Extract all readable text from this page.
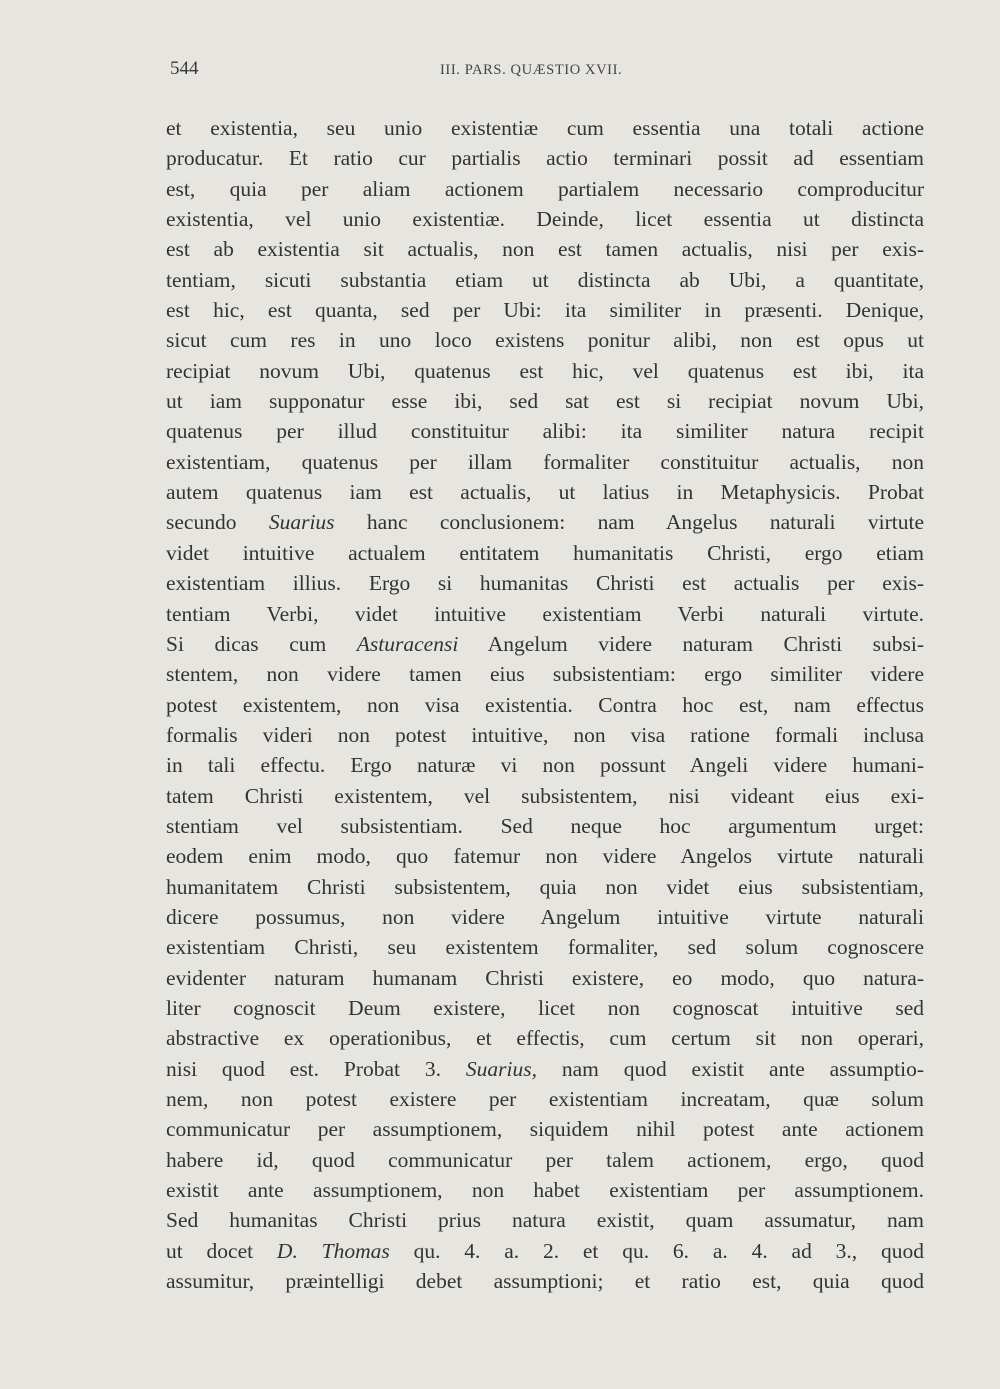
544	III. PARS. QUÆSTIO XVII.
et existentia, seu unio existentiæ cum essentia una totali actione
producatur. Et ratio cur partialis actio terminari possit ad essentiam
est, quia per aliam actionem partialem necessario comproducitur
existentia, vel unio existentiæ. Deinde, licet essentia ut distincta
est ab existentia sit actualis, non est tamen actualis, nisi per exis-
tentiam, sicuti substantia etiam ut distincta ab Ubi, a quantitate,
est hic, est quanta, sed per Ubi: ita similiter in præsenti. Denique,
sicut cum res in uno loco existens ponitur alibi, non est opus ut
recipiat novum Ubi, quatenus est hic, vel quatenus est ibi, ita
ut iam supponatur esse ibi, sed sat est si recipiat novum Ubi,
quatenus per illud constituitur alibi: ita similiter natura recipit
existentiam, quatenus per illam formaliter constituitur actualis, non
autem quatenus iam est actualis, ut latius in Metaphysicis. Probat
secundo Suarius hanc conclusionem: nam Angelus naturali virtute
videt intuitive actualem entitatem humanitatis Christi, ergo etiam
existentiam illius. Ergo si humanitas Christi est actualis per exis-
tentiam Verbi, videt intuitive existentiam Verbi naturali virtute.
Si dicas cum Asturacensi Angelum videre naturam Christi subsi-
stentem, non videre tamen eius subsistentiam: ergo similiter videre
potest existentem, non visa existentia. Contra hoc est, nam effectus
formalis videri non potest intuitive, non visa ratione formali inclusa
in tali effectu. Ergo naturæ vi non possunt Angeli videre humani-
tatem Christi existentem, vel subsistentem, nisi videant eius exi-
stentiam vel subsistentiam. Sed neque hoc argumentum urget:
eodem enim modo, quo fatemur non videre Angelos virtute naturali
humanitatem Christi subsistentem, quia non videt eius subsistentiam,
dicere possumus, non videre Angelum intuitive virtute naturali
existentiam Christi, seu existentem formaliter, sed solum cognoscere
evidenter naturam humanam Christi existere, eo modo, quo natura-
liter cognoscit Deum existere, licet non cognoscat intuitive sed
abstractive ex operationibus, et effectis, cum certum sit non operari,
nisi quod est. Probat 3. Suarius, nam quod existit ante assumptio-
nem, non potest existere per existentiam increatam, quæ solum
communicatur per assumptionem, siquidem nihil potest ante actionem
habere id, quod communicatur per talem actionem, ergo, quod
existit ante assumptionem, non habet existentiam per assumptionem.
Sed humanitas Christi prius natura existit, quam assumatur, nam
ut docet D. Thomas qu. 4. a. 2. et qu. 6. a. 4. ad 3., quod
assumitur, præintelligi debet assumptioni; et ratio est, quia quod
